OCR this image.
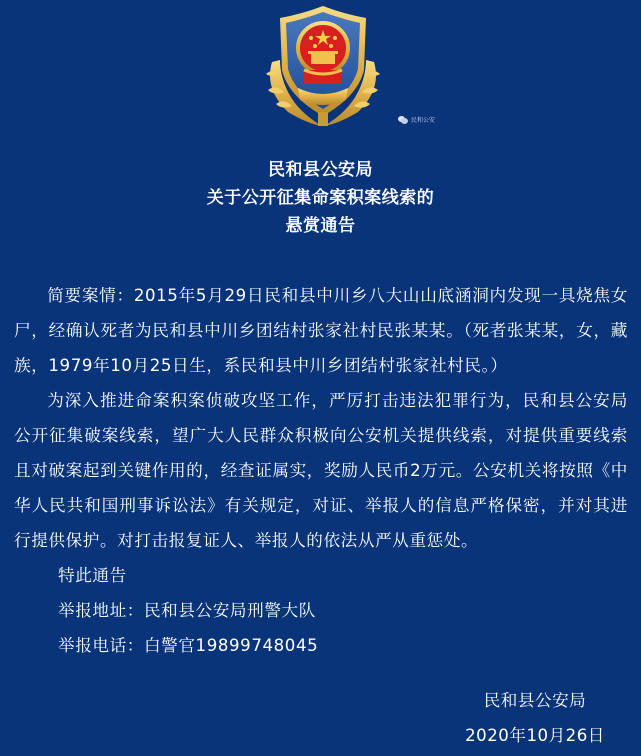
民和公安
民和县公安局
关于公开征集命案积案线索的
悬赏通告

简要案情：2015年5月29日民和县中川乡八大山山底涵洞内发现一具烧焦女尸，经确认死者为民和县中川乡团结村张家社村民张某某。（死者张某某，女，藏族，1979年10月25日生，系民和县中川乡团结村张家社村民。）

为深入推进命案积案侦破攻坚工作，严厉打击违法犯罪行为，民和县公安局公开征集破案线索，望广大人民群众积极向公安机关提供线索，对提供重要线索且对破案起到关键作用的，经查证属实，奖励人民币2万元。公安机关将按照《中华人民共和国刑事诉讼法》有关规定，对证、举报人的信息严格保密，并对其进行提供保护。对打击报复证人、举报人的依法从严从重惩处。

特此通告

举报地址：民和县公安局刑警大队

举报电话：白警官19899748045

民和县公安局
2020年10月26日
